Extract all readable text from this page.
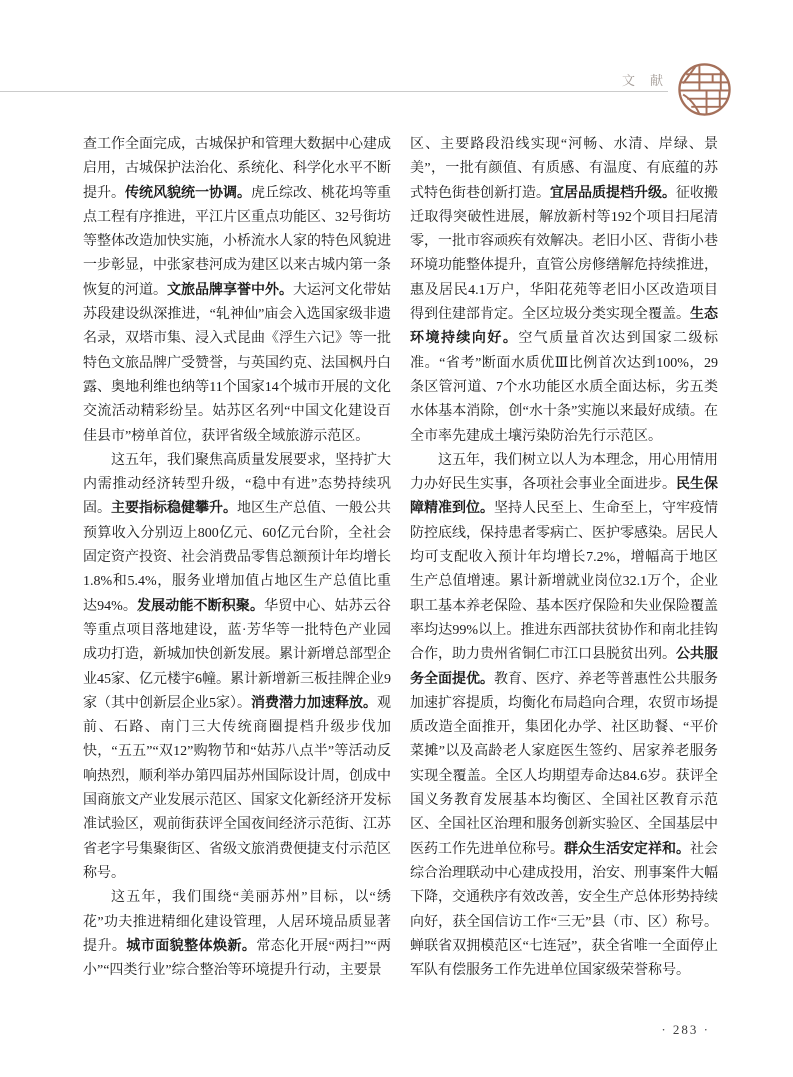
文　献

查工作全面完成，古城保护和管理大数据中心建成启用，古城保护法治化、系统化、科学化水平不断提升。传统风貌统一协调。虎丘综改、桃花坞等重点工程有序推进，平江片区重点功能区、32号街坊等整体改造加快实施，小桥流水人家的特色风貌进一步彰显，中张家巷河成为建区以来古城内第一条恢复的河道。文旅品牌享誉中外。大运河文化带姑苏段建设纵深推进，“轧神仙”庙会入选国家级非遗名录，双塔市集、浸入式昆曲《浮生六记》等一批特色文旅品牌广受赞誉，与英国约克、法国枫丹白露、奥地利维也纳等11个国家14个城市开展的文化交流活动精彩纷呈。姑苏区名列“中国文化建设百佳县市”榜单首位，获评省级全域旅游示范区。

这五年，我们聚焦高质量发展要求，坚持扩大内需推动经济转型升级，“稳中有进”态势持续巩固。主要指标稳健攀升。地区生产总值、一般公共预算收入分别迈上800亿元、60亿元台阶，全社会固定资产投资、社会消费品零售总额预计年均增长1.8%和5.4%，服务业增加值占地区生产总值比重达94%。发展动能不断积聚。华贸中心、姑苏云谷等重点项目落地建设，蓝·芳华等一批特色产业园成功打造，新城加快创新发展。累计新增总部型企业45家、亿元楼宇6幢。累计新增新三板挂牌企业9家（其中创新层企业5家）。消费潜力加速释放。观前、石路、南门三大传统商圈提档升级步伐加快，“五五”“双12”购物节和“姑苏八点半”等活动反响热烈，顺利举办第四届苏州国际设计周，创成中国商旅文产业发展示范区、国家文化新经济开发标准试验区，观前街获评全国夜间经济示范街、江苏省老字号集聚街区、省级文旅消费便捷支付示范区称号。

这五年，我们围绕“美丽苏州”目标，以“绣花”功夫推进精细化建设管理，人居环境品质显著提升。城市面貌整体焕新。常态化开展“两扫”“两小”“四类行业”综合整治等环境提升行动，主要景

区、主要路段沿线实现“河畅、水清、岸绿、景美”，一批有颜值、有质感、有温度、有底蕴的苏式特色街巷创新打造。宜居品质提档升级。征收搬迁取得突破性进展，解放新村等192个项目扫尾清零，一批市容顽疾有效解决。老旧小区、背街小巷环境功能整体提升，直管公房修缮解危持续推进，惠及居民4.1万户，华阳花苑等老旧小区改造项目得到住建部肯定。全区垃圾分类实现全覆盖。生态环境持续向好。空气质量首次达到国家二级标准。“省考”断面水质优Ⅲ比例首次达到100%，29条区管河道、7个水功能区水质全面达标，劣五类水体基本消除，创“水十条”实施以来最好成绩。在全市率先建成土壤污染防治先行示范区。

这五年，我们树立以人为本理念，用心用情用力办好民生实事，各项社会事业全面进步。民生保障精准到位。坚持人民至上、生命至上，守牢疫情防控底线，保持患者零病亡、医护零感染。居民人均可支配收入预计年均增长7.2%，增幅高于地区生产总值增速。累计新增就业岗位32.1万个，企业职工基本养老保险、基本医疗保险和失业保险覆盖率均达99%以上。推进东西部扶贫协作和南北挂钩合作，助力贵州省铜仁市江口县脱贫出列。公共服务全面提优。教育、医疗、养老等普惠性公共服务加速扩容提质，均衡化布局趋向合理，农贸市场提质改造全面推开，集团化办学、社区助餐、“平价菜摊”以及高龄老人家庭医生签约、居家养老服务实现全覆盖。全区人均期望寿命达84.6岁。获评全国义务教育发展基本均衡区、全国社区教育示范区、全国社区治理和服务创新实验区、全国基层中医药工作先进单位称号。群众生活安定祥和。社会综合治理联动中心建成投用，治安、刑事案件大幅下降，交通秩序有效改善，安全生产总体形势持续向好，获全国信访工作“三无”县（市、区）称号。蝉联省双拥模范区“七连冠”，获全省唯一全面停止军队有偿服务工作先进单位国家级荣誉称号。

· 283 ·
